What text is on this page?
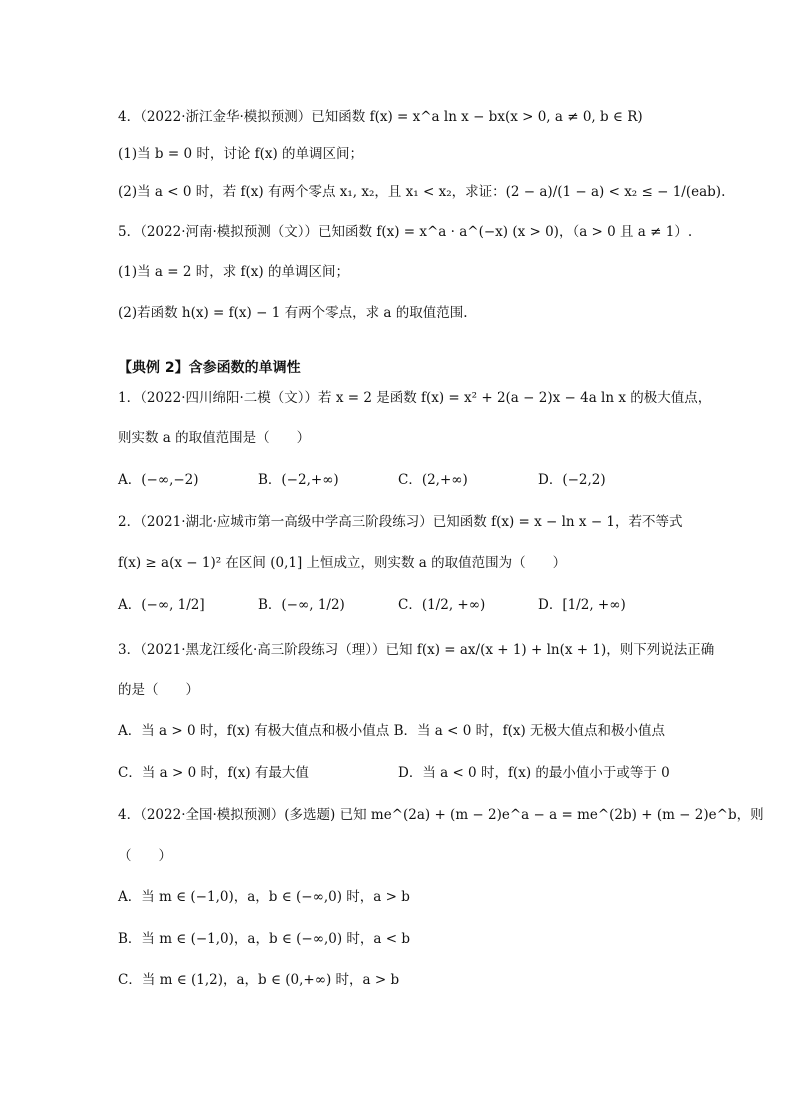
4．（2022·浙江金华·模拟预测）已知函数 f(x) = x^a ln x − bx(x > 0, a ≠ 0, b ∈ R)
(1)当 b = 0 时，讨论 f(x) 的单调区间；
(2)当 a < 0 时，若 f(x) 有两个零点 x₁, x₂，且 x₁ < x₂，求证：(2 − a)/(1 − a) < x₂ ≤ − 1/(eab).
5．（2022·河南·模拟预测（文））已知函数 f(x) = x^a · a^(−x) (x > 0)，（a > 0 且 a ≠ 1）.
(1)当 a = 2 时，求 f(x) 的单调区间；
(2)若函数 h(x) = f(x) − 1 有两个零点，求 a 的取值范围.
【典例 2】含参函数的单调性
1．（2022·四川绵阳·二模（文））若 x = 2 是函数 f(x) = x² + 2(a − 2)x − 4a ln x 的极大值点，
则实数 a 的取值范围是（　　）
A．(−∞,−2)	B．(−2,+∞)	C．(2,+∞)	D．(−2,2)
2．（2021·湖北·应城市第一高级中学高三阶段练习）已知函数 f(x) = x − ln x − 1，若不等式
f(x) ≥ a(x − 1)² 在区间 (0,1] 上恒成立，则实数 a 的取值范围为（　　）
A．(−∞, 1/2]	B．(−∞, 1/2)	C．(1/2, +∞)	D．[1/2, +∞)
3．（2021·黑龙江绥化·高三阶段练习（理））已知 f(x) = ax/(x + 1) + ln(x + 1)，则下列说法正确
的是（　　）
A．当 a > 0 时，f(x) 有极大值点和极小值点 B．当 a < 0 时，f(x) 无极大值点和极小值点
C．当 a > 0 时，f(x) 有最大值	D．当 a < 0 时，f(x) 的最小值小于或等于 0
4．（2022·全国·模拟预测）(多选题) 已知 me^(2a) + (m − 2)e^a − a = me^(2b) + (m − 2)e^b，则
（　　）
A．当 m ∈ (−1,0)，a，b ∈ (−∞,0) 时，a > b
B．当 m ∈ (−1,0)，a，b ∈ (−∞,0) 时，a < b
C．当 m ∈ (1,2)，a，b ∈ (0,+∞) 时，a > b
